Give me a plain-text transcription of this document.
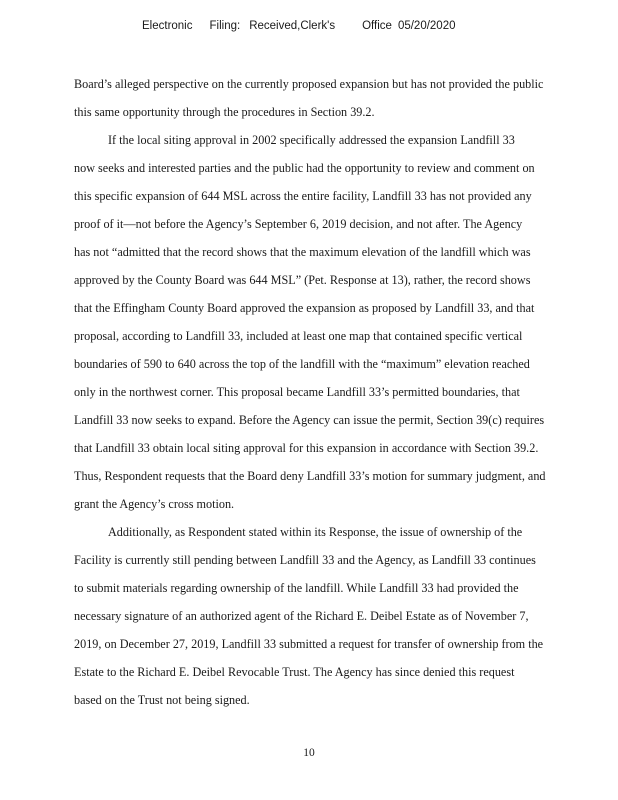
Electronic Filing: Received,Clerk's Office 05/20/2020
Board’s alleged perspective on the currently proposed expansion but has not provided the public
this same opportunity through the procedures in Section 39.2.
If the local siting approval in 2002 specifically addressed the expansion Landfill 33
now seeks and interested parties and the public had the opportunity to review and comment on
this specific expansion of 644 MSL across the entire facility, Landfill 33 has not provided any
proof of it—not before the Agency’s September 6, 2019 decision, and not after. The Agency
has not “admitted that the record shows that the maximum elevation of the landfill which was
approved by the County Board was 644 MSL” (Pet. Response at 13), rather, the record shows
that the Effingham County Board approved the expansion as proposed by Landfill 33, and that
proposal, according to Landfill 33, included at least one map that contained specific vertical
boundaries of 590 to 640 across the top of the landfill with the “maximum” elevation reached
only in the northwest corner. This proposal became Landfill 33’s permitted boundaries, that
Landfill 33 now seeks to expand. Before the Agency can issue the permit, Section 39(c) requires
that Landfill 33 obtain local siting approval for this expansion in accordance with Section 39.2.
Thus, Respondent requests that the Board deny Landfill 33’s motion for summary judgment, and
grant the Agency’s cross motion.
Additionally, as Respondent stated within its Response, the issue of ownership of the
Facility is currently still pending between Landfill 33 and the Agency, as Landfill 33 continues
to submit materials regarding ownership of the landfill. While Landfill 33 had provided the
necessary signature of an authorized agent of the Richard E. Deibel Estate as of November 7,
2019, on December 27, 2019, Landfill 33 submitted a request for transfer of ownership from the
Estate to the Richard E. Deibel Revocable Trust. The Agency has since denied this request
based on the Trust not being signed.
10
